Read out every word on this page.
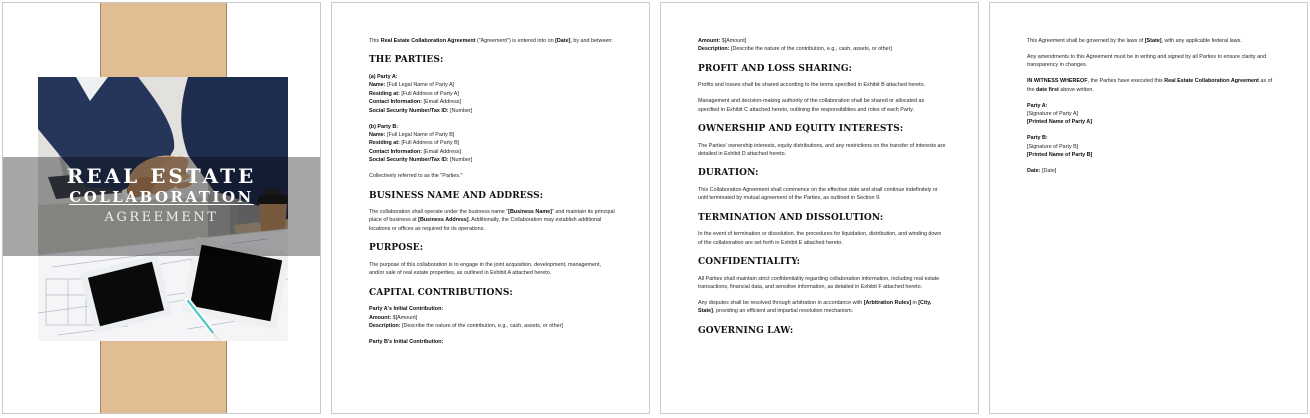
REAL ESTATE
COLLABORATION
AGREEMENT
This Real Estate Collaboration Agreement ("Agreement") is entered into on [Date], by and between:
THE PARTIES:
(a) Party A:
Name: [Full Legal Name of Party A]
Residing at: [Full Address of Party A]
Contact Information: [Email Address]
Social Security Number/Tax ID: [Number]
(b) Party B:
Name: [Full Legal Name of Party B]
Residing at: [Full Address of Party B]
Contact Information: [Email Address]
Social Security Number/Tax ID: [Number]
Collectively referred to as the "Parties."
BUSINESS NAME AND ADDRESS:
The collaboration shall operate under the business name "[Business Name]" and maintain its principal place of business at [Business Address]. Additionally, the Collaboration may establish additional locations or offices as required for its operations.
PURPOSE:
The purpose of this collaboration is to engage in the joint acquisition, development, management, and/or sale of real estate properties, as outlined in Exhibit A attached hereto.
CAPITAL CONTRIBUTIONS:
Party A's Initial Contribution:
Amount: $[Amount]
Description: [Describe the nature of the contribution, e.g., cash, assets, or other]
Party B's Initial Contribution:
Amount: $[Amount]
Description: [Describe the nature of the contribution, e.g., cash, assets, or other]
PROFIT AND LOSS SHARING:
Profits and losses shall be shared according to the terms specified in Exhibit B attached hereto.
Management and decision-making authority of the collaboration shall be shared or allocated as specified in Exhibit C attached hereto, outlining the responsibilities and roles of each Party.
OWNERSHIP AND EQUITY INTERESTS:
The Parties' ownership interests, equity distributions, and any restrictions on the transfer of interests are detailed in Exhibit D attached hereto.
DURATION:
This Collaboration Agreement shall commence on the effective date and shall continue indefinitely or until terminated by mutual agreement of the Parties, as outlined in Section 9.
TERMINATION AND DISSOLUTION:
In the event of termination or dissolution, the procedures for liquidation, distribution, and winding down of the collaboration are set forth in Exhibit E attached hereto.
CONFIDENTIALITY:
All Parties shall maintain strict confidentiality regarding collaboration information, including real estate transactions, financial data, and sensitive information, as detailed in Exhibit F attached hereto.
Any disputes shall be resolved through arbitration in accordance with [Arbitration Rules] in [City, State], providing an efficient and impartial resolution mechanism.
GOVERNING LAW:
This Agreement shall be governed by the laws of [State], with any applicable federal laws.
Any amendments to this Agreement must be in writing and signed by all Parties to ensure clarity and transparency in changes.
IN WITNESS WHEREOF, the Parties have executed this Real Estate Collaboration Agreement as of the date first above written.
Party A:
[Signature of Party A]
[Printed Name of Party A]
Party B:
[Signature of Party B]
[Printed Name of Party B]
Date: [Date]
